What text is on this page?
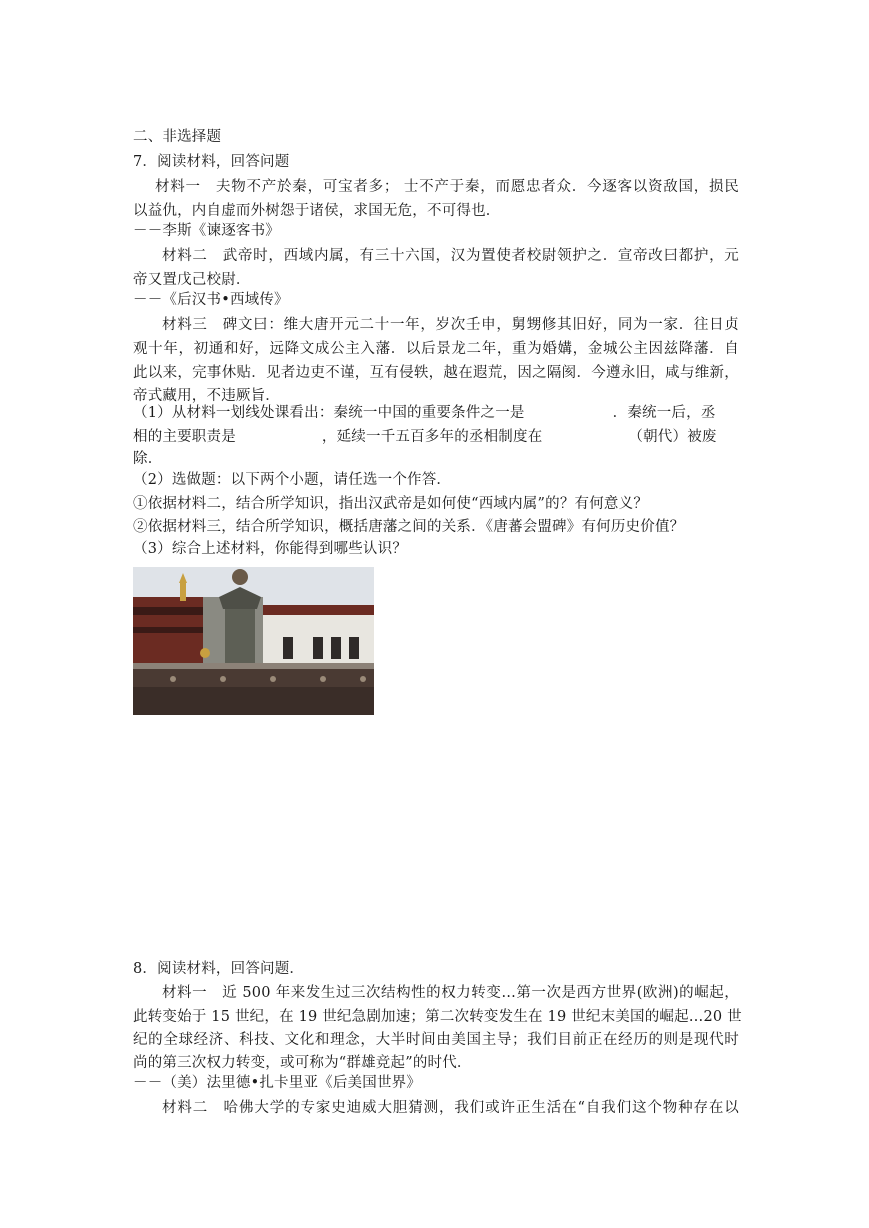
二、非选择题
7．阅读材料，回答问题
材料一　夫物不产於秦，可宝者多； 士不产于秦，而愿忠者众．今逐客以资敌国，损民
以益仇，内自虚而外树怨于诸侯，求国无危，不可得也．
－－李斯《谏逐客书》
材料二　武帝时，西域内属，有三十六国，汉为置使者校尉领护之．宣帝改曰都护，元
帝又置戊己校尉．
－－《后汉书•西域传》
材料三　碑文曰：维大唐开元二十一年，岁次壬申，舅甥修其旧好，同为一家．往日贞
观十年，初通和好，远降文成公主入藩．以后景龙二年，重为婚媾，金城公主因兹降藩．自
此以来，完事休贴．见者边吏不谨，互有侵轶，越在遐荒，因之隔阂．今遵永旧，咸与维新，
帝式藏用，不违厥旨．
（1）从材料一划线处课看出：秦统一中国的重要条件之一是	．秦统一后，丞
相的主要职责是	，延续一千五百多年的丞相制度在	（朝代）被废
除．
（2）选做题：以下两个小题，请任选一个作答．
①依据材料二，结合所学知识，指出汉武帝是如何使“西域内属”的？有何意义？
②依据材料三，结合所学知识，概括唐藩之间的关系．《唐蕃会盟碑》有何历史价值？
（3）综合上述材料，你能得到哪些认识？
8．阅读材料，回答问题．
材料一　近 500 年来发生过三次结构性的权力转变…第一次是西方世界(欧洲)的崛起，
此转变始于 15 世纪，在 19 世纪急剧加速；第二次转变发生在 19 世纪末美国的崛起…20 世
纪的全球经济、科技、文化和理念，大半时间由美国主导；我们目前正在经历的则是现代时
尚的第三次权力转变，或可称为“群雄竞起”的时代．
－－（美）法里德•扎卡里亚《后美国世界》
材料二　哈佛大学的专家史迪威大胆猜测，我们或许正生活在“自我们这个物种存在以
